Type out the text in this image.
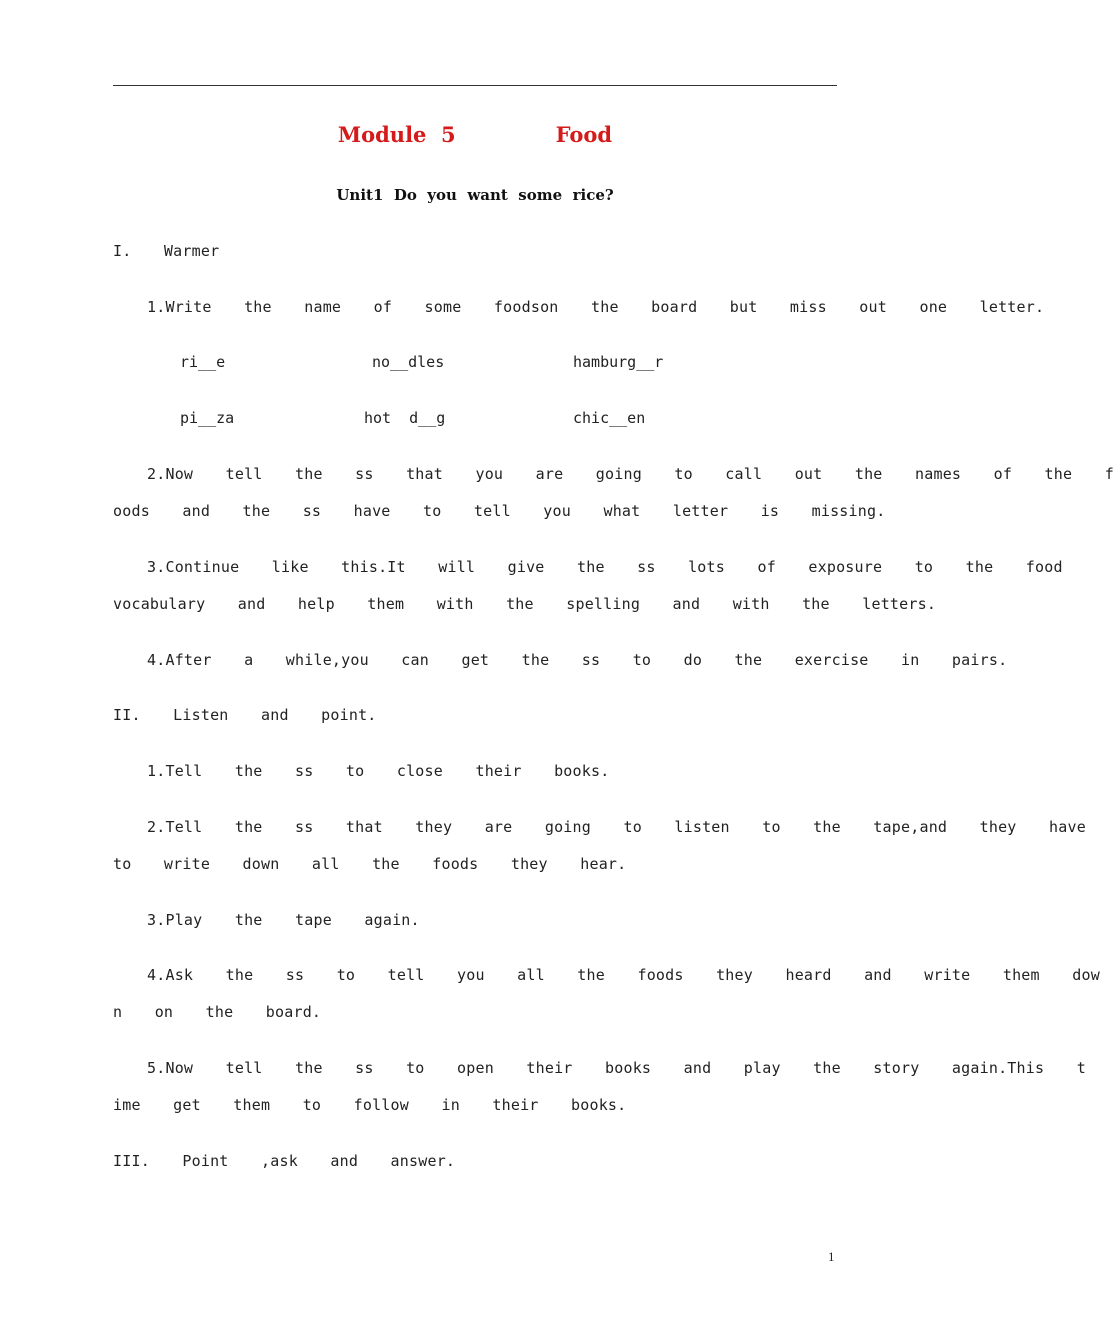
Module  5	Food
Unit1  Do  you  want  some  rice?
I.  Warmer
1.Write  the  name  of  some  foodson  the  board  but  miss  out  one  letter.
ri__e	no__dles	hamburg__r
pi__za	hot  d__g	chic__en
2.Now  tell  the  ss  that  you  are  going  to  call  out  the  names  of  the  f
oods  and  the  ss  have  to  tell  you  what  letter  is  missing.
3.Continue  like  this.It  will  give  the  ss  lots  of  exposure  to  the  food
vocabulary  and  help  them  with  the  spelling  and  with  the  letters.
4.After  a  while,you  can  get  the  ss  to  do  the  exercise  in  pairs.
II.  Listen  and  point.
1.Tell  the  ss  to  close  their  books.
2.Tell  the  ss  that  they  are  going  to  listen  to  the  tape,and  they  have
to  write  down  all  the  foods  they  hear.
3.Play  the  tape  again.
4.Ask  the  ss  to  tell  you  all  the  foods  they  heard  and  write  them  dow
n  on  the  board.
5.Now  tell  the  ss  to  open  their  books  and  play  the  story  again.This  t
ime  get  them  to  follow  in  their  books.
III.  Point  ,ask  and  answer.
1
